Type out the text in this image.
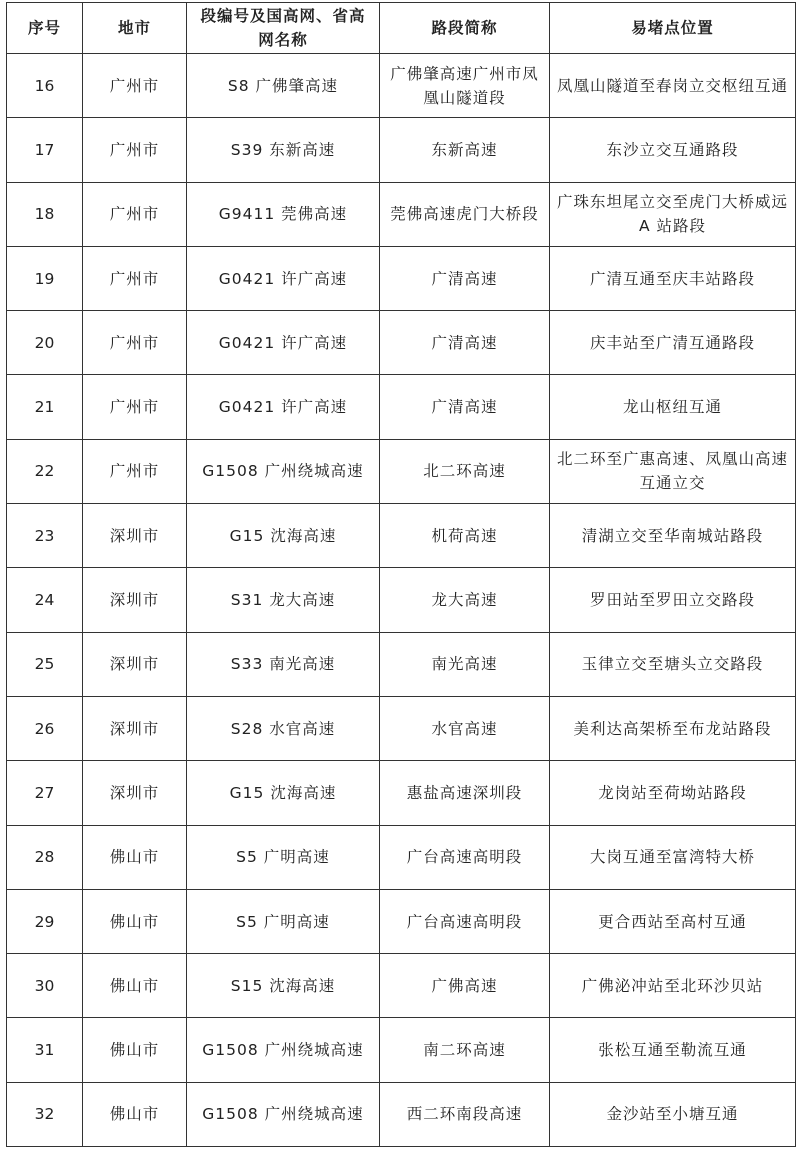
序号	地市	段编号及国高网、省高网名称	路段简称	易堵点位置
16	广州市	S8 广佛肇高速	广佛肇高速广州市凤凰山隧道段	凤凰山隧道至春岗立交枢纽互通
17	广州市	S39 东新高速	东新高速	东沙立交互通路段
18	广州市	G9411 莞佛高速	莞佛高速虎门大桥段	广珠东坦尾立交至虎门大桥威远 A 站路段
19	广州市	G0421 许广高速	广清高速	广清互通至庆丰站路段
20	广州市	G0421 许广高速	广清高速	庆丰站至广清互通路段
21	广州市	G0421 许广高速	广清高速	龙山枢纽互通
22	广州市	G1508 广州绕城高速	北二环高速	北二环至广惠高速、凤凰山高速互通立交
23	深圳市	G15 沈海高速	机荷高速	清湖立交至华南城站路段
24	深圳市	S31 龙大高速	龙大高速	罗田站至罗田立交路段
25	深圳市	S33 南光高速	南光高速	玉律立交至塘头立交路段
26	深圳市	S28 水官高速	水官高速	美利达高架桥至布龙站路段
27	深圳市	G15 沈海高速	惠盐高速深圳段	龙岗站至荷坳站路段
28	佛山市	S5 广明高速	广台高速高明段	大岗互通至富湾特大桥
29	佛山市	S5 广明高速	广台高速高明段	更合西站至高村互通
30	佛山市	S15 沈海高速	广佛高速	广佛泌冲站至北环沙贝站
31	佛山市	G1508 广州绕城高速	南二环高速	张松互通至勒流互通
32	佛山市	G1508 广州绕城高速	西二环南段高速	金沙站至小塘互通
